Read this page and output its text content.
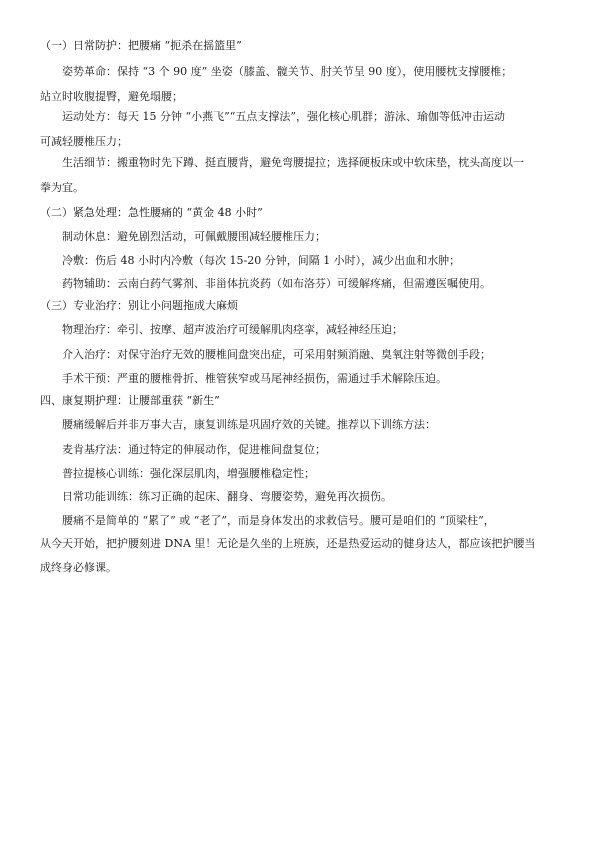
（一）日常防护：把腰痛 “扼杀在摇篮里”
姿势革命：保持 “3 个 90 度” 坐姿（膝盖、髋关节、肘关节呈 90 度），使用腰枕支撑腰椎；
站立时收腹提臀，避免塌腰；
运动处方：每天 15 分钟 “小燕飞”“五点支撑法”，强化核心肌群；游泳、瑜伽等低冲击运动
可减轻腰椎压力；
生活细节：搬重物时先下蹲、挺直腰背，避免弯腰提拉；选择硬板床或中软床垫，枕头高度以一
拳为宜。
（二）紧急处理：急性腰痛的 “黄金 48 小时”
制动休息：避免剧烈活动，可佩戴腰围减轻腰椎压力；
冷敷：伤后 48 小时内冷敷（每次 15-20 分钟，间隔 1 小时），减少出血和水肿；
药物辅助：云南白药气雾剂、非甾体抗炎药（如布洛芬）可缓解疼痛，但需遵医嘱使用。
（三）专业治疗：别让小问题拖成大麻烦
物理治疗：牵引、按摩、超声波治疗可缓解肌肉痉挛，减轻神经压迫；
介入治疗：对保守治疗无效的腰椎间盘突出症，可采用射频消融、臭氧注射等微创手段；
手术干预：严重的腰椎骨折、椎管狭窄或马尾神经损伤，需通过手术解除压迫。
四、康复期护理：让腰部重获 “新生”
腰痛缓解后并非万事大吉，康复训练是巩固疗效的关键。推荐以下训练方法：
麦肯基疗法：通过特定的伸展动作，促进椎间盘复位；
普拉提核心训练：强化深层肌肉，增强腰椎稳定性；
日常功能训练：练习正确的起床、翻身、弯腰姿势，避免再次损伤。
腰痛不是简单的 “累了” 或 “老了”，而是身体发出的求救信号。腰可是咱们的 “顶梁柱”，
从今天开始，把护腰刻进 DNA 里！无论是久坐的上班族，还是热爱运动的健身达人，都应该把护腰当
成终身必修课。
